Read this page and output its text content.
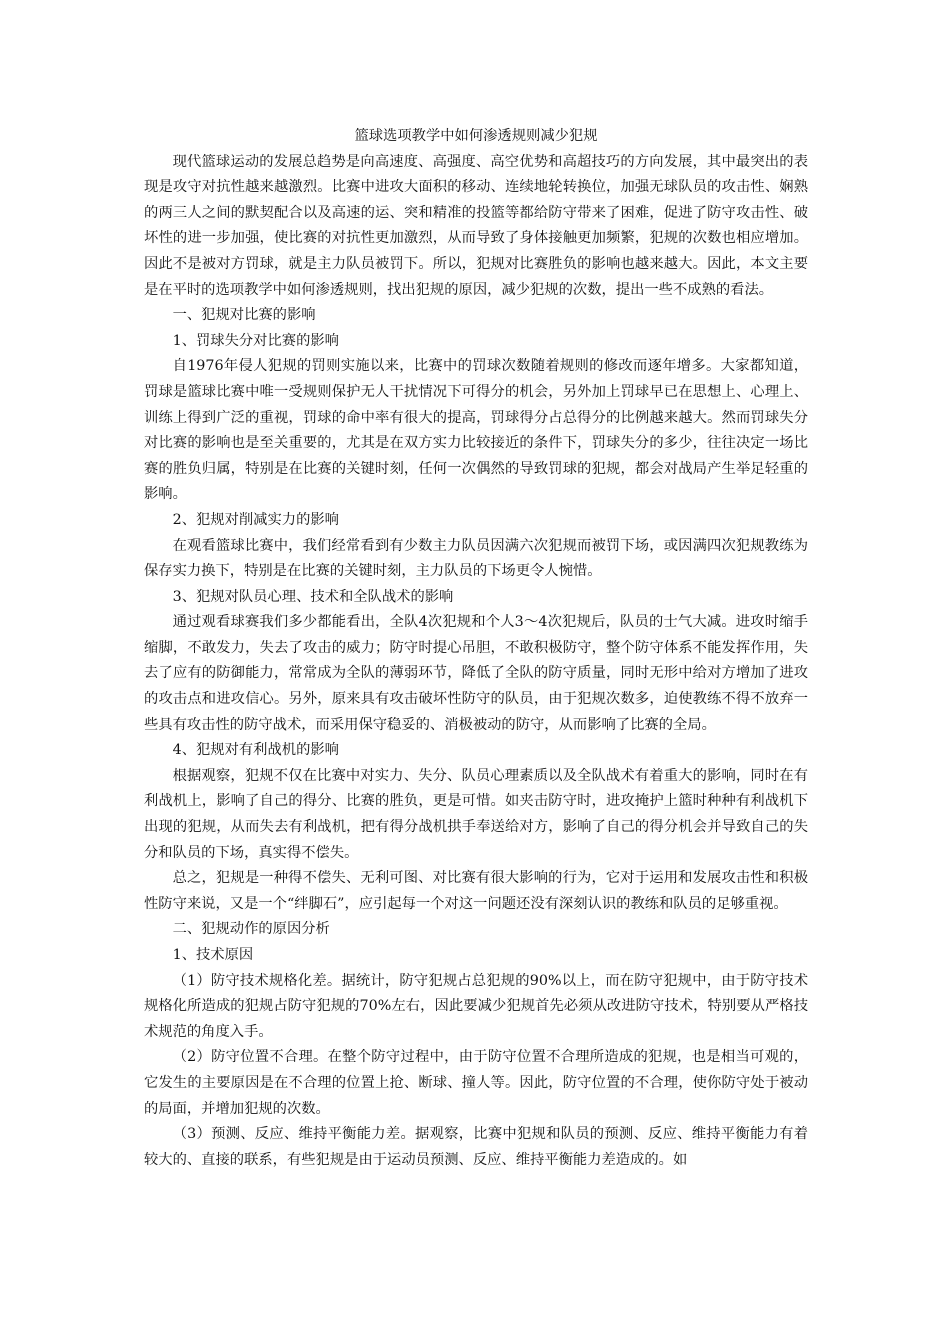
篮球选项教学中如何渗透规则减少犯规

现代篮球运动的发展总趋势是向高速度、高强度、高空优势和高超技巧的方向发展，其中最突出的表现是攻守对抗性越来越激烈。比赛中进攻大面积的移动、连续地轮转换位，加强无球队员的攻击性、娴熟的两三人之间的默契配合以及高速的运、突和精准的投篮等都给防守带来了困难，促进了防守攻击性、破坏性的进一步加强，使比赛的对抗性更加激烈，从而导致了身体接触更加频繁，犯规的次数也相应增加。因此不是被对方罚球，就是主力队员被罚下。所以，犯规对比赛胜负的影响也越来越大。因此，本文主要是在平时的选项教学中如何渗透规则，找出犯规的原因，减少犯规的次数，提出一些不成熟的看法。

一、犯规对比赛的影响

1、罚球失分对比赛的影响

自1976年侵人犯规的罚则实施以来，比赛中的罚球次数随着规则的修改而逐年增多。大家都知道，罚球是篮球比赛中唯一受规则保护无人干扰情况下可得分的机会，另外加上罚球早已在思想上、心理上、训练上得到广泛的重视，罚球的命中率有很大的提高，罚球得分占总得分的比例越来越大。然而罚球失分对比赛的影响也是至关重要的，尤其是在双方实力比较接近的条件下，罚球失分的多少，往往决定一场比赛的胜负归属，特别是在比赛的关键时刻，任何一次偶然的导致罚球的犯规，都会对战局产生举足轻重的影响。

2、犯规对削减实力的影响

在观看篮球比赛中，我们经常看到有少数主力队员因满六次犯规而被罚下场，或因满四次犯规教练为保存实力换下，特别是在比赛的关键时刻，主力队员的下场更令人惋惜。

3、犯规对队员心理、技术和全队战术的影响

通过观看球赛我们多少都能看出，全队4次犯规和个人3～4次犯规后，队员的士气大减。进攻时缩手缩脚，不敢发力，失去了攻击的威力；防守时提心吊胆，不敢积极防守，整个防守体系不能发挥作用，失去了应有的防御能力，常常成为全队的薄弱环节，降低了全队的防守质量，同时无形中给对方增加了进攻的攻击点和进攻信心。另外，原来具有攻击破坏性防守的队员，由于犯规次数多，迫使教练不得不放弃一些具有攻击性的防守战术，而采用保守稳妥的、消极被动的防守，从而影响了比赛的全局。

4、犯规对有利战机的影响

根据观察，犯规不仅在比赛中对实力、失分、队员心理素质以及全队战术有着重大的影响，同时在有利战机上，影响了自己的得分、比赛的胜负，更是可惜。如夹击防守时，进攻掩护上篮时种种有利战机下出现的犯规，从而失去有利战机，把有得分战机拱手奉送给对方，影响了自己的得分机会并导致自己的失分和队员的下场，真实得不偿失。

总之，犯规是一种得不偿失、无利可图、对比赛有很大影响的行为，它对于运用和发展攻击性和积极性防守来说，又是一个“绊脚石”，应引起每一个对这一问题还没有深刻认识的教练和队员的足够重视。

二、犯规动作的原因分析

1、技术原因

（1）防守技术规格化差。据统计，防守犯规占总犯规的90%以上，而在防守犯规中，由于防守技术规格化所造成的犯规占防守犯规的70%左右，因此要减少犯规首先必须从改进防守技术，特别要从严格技术规范的角度入手。

（2）防守位置不合理。在整个防守过程中，由于防守位置不合理所造成的犯规，也是相当可观的，它发生的主要原因是在不合理的位置上抢、断球、撞人等。因此，防守位置的不合理，使你防守处于被动的局面，并增加犯规的次数。

（3）预测、反应、维持平衡能力差。据观察，比赛中犯规和队员的预测、反应、维持平衡能力有着较大的、直接的联系，有些犯规是由于运动员预测、反应、维持平衡能力差造成的。如
